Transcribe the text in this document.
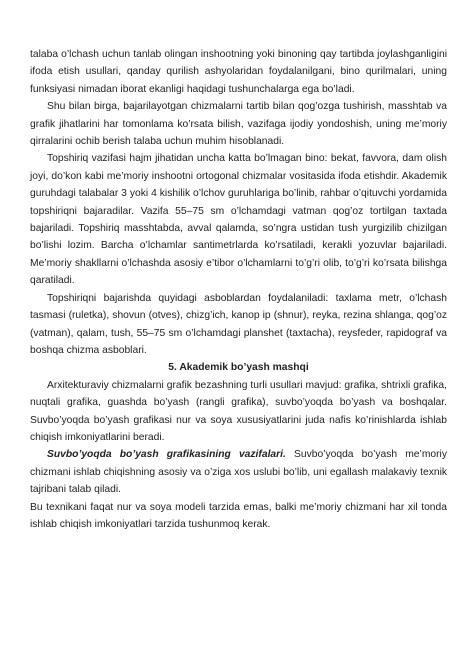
talaba o’lchash uchun tanlab olingan inshootning yoki binoning qay tartibda joylashganligini ifoda etish usullari, qanday qurilish ashyolaridan foydalanilgani, bino qurilmalari, uning funksiyasi nimadan iborat ekanligi haqidagi tushunchalarga ega bo’ladi.

Shu bilan birga, bajarilayotgan chizmalarni tartib bilan qog’ozga tushirish, masshtab va grafik jihatlarini har tomonlama ko’rsata bilish, vazifaga ijodiy yondoshish, uning me’moriy qirralarini ochib berish talaba uchun muhim hisoblanadi.

Topshiriq vazifasi hajm jihatidan uncha katta bo’lmagan bino: bekat, favvora, dam olish joyi, do’kon kabi me’moriy inshootni ortogonal chizmalar vositasida ifoda etishdir. Akademik guruhdagi talabalar 3 yoki 4 kishilik o’lchov guruhlariga bo’linib, rahbar o’qituvchi yordamida topshiriqni bajaradilar. Vazifa 55–75 sm o’lchamdagi vatman qog’oz tortilgan taxtada bajariladi. Topshiriq masshtabda, avval qalamda, so’ngra ustidan tush yurgizilib chizilgan bo’lishi lozim. Barcha o’lchamlar santimetrlarda ko’rsatiladi, kerakli yozuvlar bajariladi. Me’moriy shakllarni o’lchashda asosiy e’tibor o’lchamlarni to’g’ri olib, to’g’ri ko’rsata bilishga qaratiladi.

Topshiriqni bajarishda quyidagi asboblardan foydalaniladi: taxlama metr, o’lchash tasmasi (ruletka), shovun (otves), chizg’ich, kanop ip (shnur), reyka, rezina shlanga, qog’oz (vatman), qalam, tush, 55–75 sm o’lchamdagi planshet (taxtacha), reysfeder, rapidograf va boshqa chizma asboblari.

5. Akademik bo’yash mashqi

Arxitekturaviy chizmalarni grafik bezashning turli usullari mavjud: grafika, shtrixli grafika, nuqtali grafika, guashda bo’yash (rangli grafika), suvbo’yoqda bo’yash va boshqalar. Suvbo’yoqda bo’yash grafikasi nur va soya xususiyatlarini juda nafis ko’rinishlarda ishlab chiqish imkoniyatlarini beradi.

Suvbo’yoqda bo’yash grafikasining vazifalari. Suvbo’yoqda bo’yash me’moriy chizmani ishlab chiqishning asosiy va o’ziga xos uslubi bo’lib, uni egallash malakaviy texnik tajribani talab qiladi.

Bu texnikani faqat nur va soya modeli tarzida emas, balki me’moriy chizmani har xil tonda ishlab chiqish imkoniyatlari tarzida tushunmoq kerak.
